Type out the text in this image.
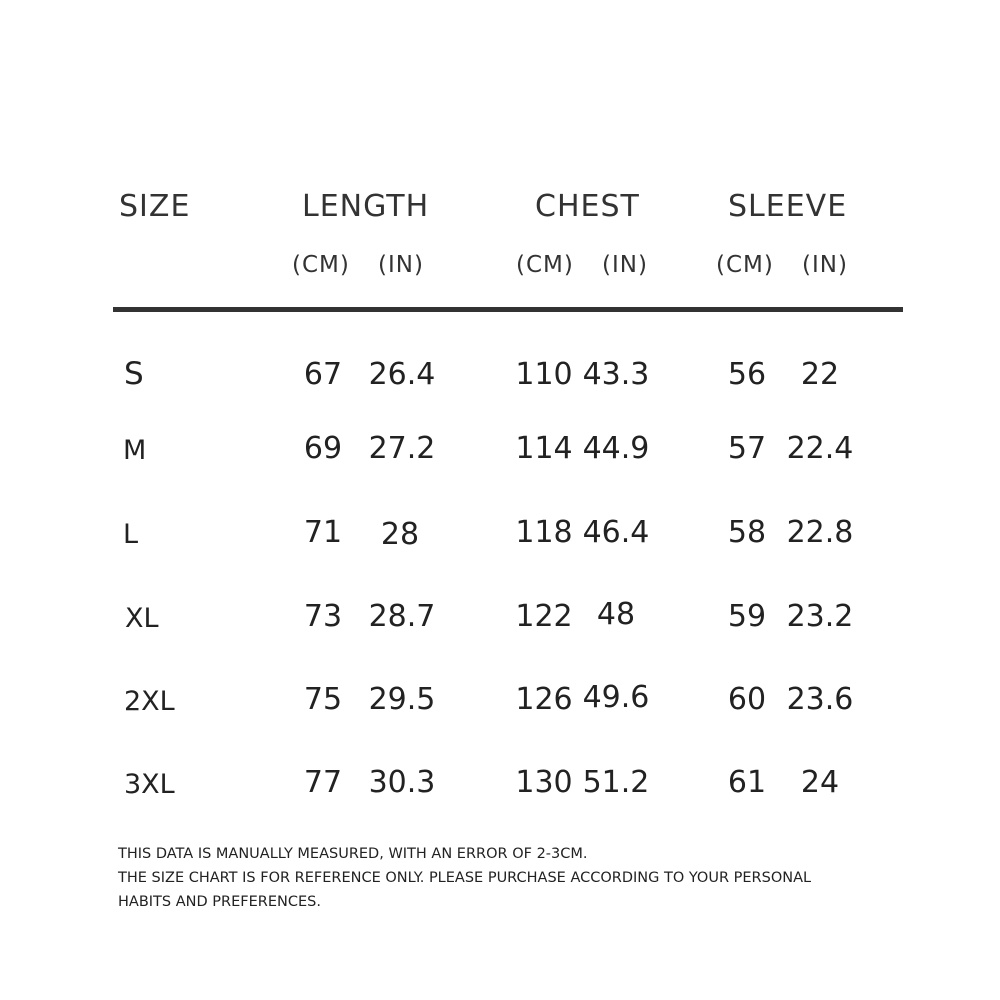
SIZE	LENGTH	CHEST	SLEEVE
(CM) (IN)	(CM) (IN)	(CM) (IN)
S	67 26.4	110 43.3	56	22
M	69 27.2	114 44.9	57 22.4
L	71	28	118 46.4	58 22.8
XL	73 28.7	122 48	59 23.2
2XL	75 29.5	126 49.6	60 23.6
3XL	77 30.3	130 51.2	61	24
THIS DATA IS MANUALLY MEASURED, WITH AN ERROR OF 2-3CM.
THE SIZE CHART IS FOR REFERENCE ONLY. PLEASE PURCHASE ACCORDING TO YOUR PERSONAL
HABITS AND PREFERENCES.
